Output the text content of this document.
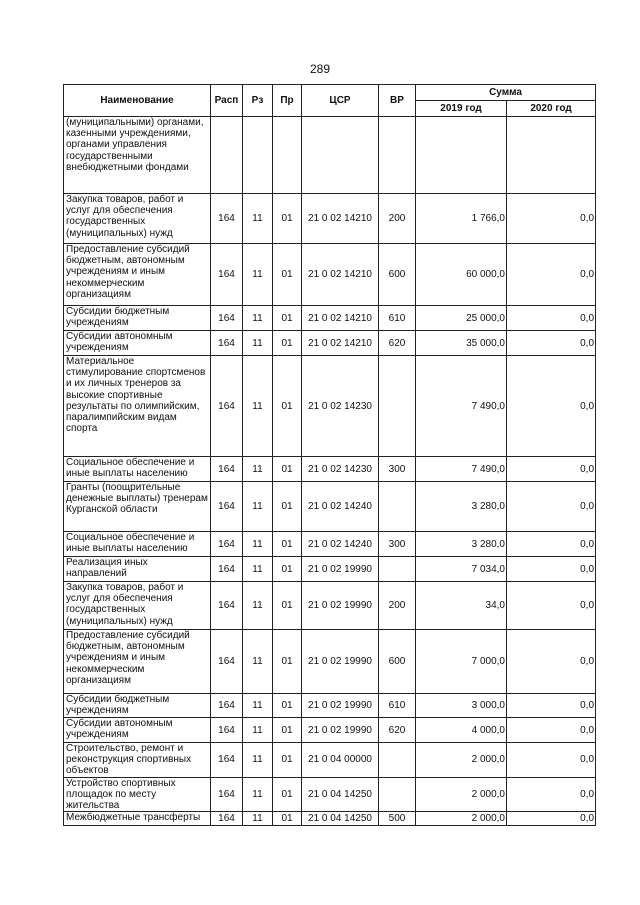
289
Наименование	Расп	Рз	Пр	ЦСР	ВР	Сумма	
						2019 год	2020 год
(муниципальными) органами, казенными учреждениями, органами управления государственными внебюджетными фондами							
Закупка товаров, работ и услуг для обеспечения государственных (муниципальных) нужд	164	11	01	21 0 02 14210	200	1 766,0	0,0
Предоставление субсидий бюджетным, автономным учреждениям и иным некоммерческим организациям	164	11	01	21 0 02 14210	600	60 000,0	0,0
Субсидии бюджетным учреждениям	164	11	01	21 0 02 14210	610	25 000,0	0,0
Субсидии автономным учреждениям	164	11	01	21 0 02 14210	620	35 000,0	0,0
Материальное стимулирование спортсменов и их личных тренеров за высокие спортивные результаты по олимпийским, паралимпийским видам спорта	164	11	01	21 0 02 14230		7 490,0	0,0
Социальное обеспечение и иные выплаты населению	164	11	01	21 0 02 14230	300	7 490,0	0,0
Гранты (поощрительные денежные выплаты) тренерам Курганской области	164	11	01	21 0 02 14240		3 280,0	0,0
Социальное обеспечение и иные выплаты населению	164	11	01	21 0 02 14240	300	3 280,0	0,0
Реализация иных направлений	164	11	01	21 0 02 19990		7 034,0	0,0
Закупка товаров, работ и услуг для обеспечения государственных (муниципальных) нужд	164	11	01	21 0 02 19990	200	34,0	0,0
Предоставление субсидий бюджетным, автономным учреждениям и иным некоммерческим организациям	164	11	01	21 0 02 19990	600	7 000,0	0,0
Субсидии бюджетным учреждениям	164	11	01	21 0 02 19990	610	3 000,0	0,0
Субсидии автономным учреждениям	164	11	01	21 0 02 19990	620	4 000,0	0,0
Строительство, ремонт и реконструкция спортивных объектов	164	11	01	21 0 04 00000		2 000,0	0,0
Устройство спортивных площадок по месту жительства	164	11	01	21 0 04 14250		2 000,0	0,0
Межбюджетные трансферты	164	11	01	21 0 04 14250	500	2 000,0	0,0
